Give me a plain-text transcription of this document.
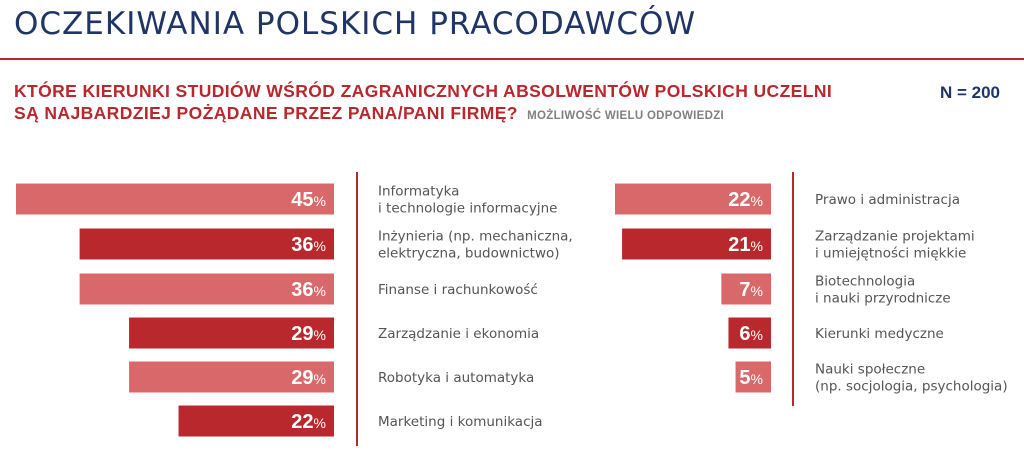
OCZEKIWANIA POLSKICH PRACODAWCÓW

KTÓRE KIERUNKI STUDIÓW WŚRÓD ZAGRANICZNYCH ABSOLWENTÓW POLSKICH UCZELNI
SĄ NAJBARDZIEJ POŻĄDANE PRZEZ PANA/PANI FIRMĘ? MOŻLIWOŚĆ WIELU ODPOWIEDZI

N = 200

45%
Informatyka i technologie informacyjne
36%
Inżynieria (np. mechaniczna, elektryczna, budownictwo)
36%	Finanse i rachunkowość
29%	Zarządzanie i ekonomia
29%	Robotyka i automatyka
22%	Marketing i komunikacja
22%	Prawo i administracja
21%
Zarządzanie projektami i umiejętności miękkie
7%
Biotechnologia i nauki przyrodnicze
6%	Kierunki medyczne
5%
Nauki społeczne (np. socjologia, psychologia)
